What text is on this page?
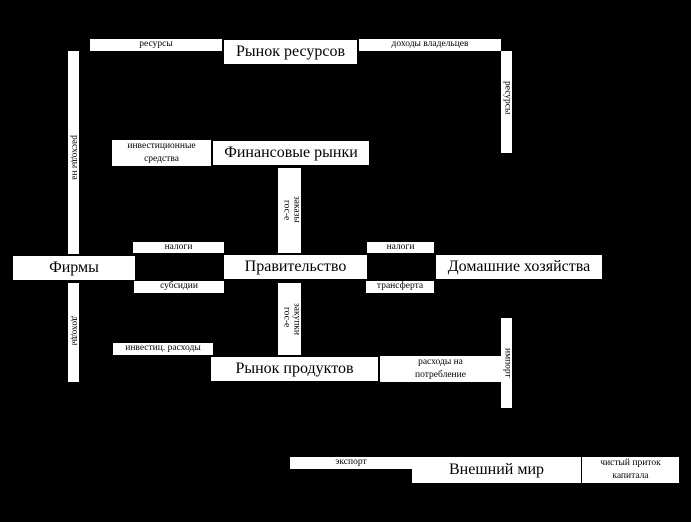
Рынок ресурсов
Финансовые рынки
Фирмы	Правительство	Домашние хозяйства
Рынок продуктов
Внешний мир
ресурсы	доходы владельцев
налоги
субсидии
налоги
трансферта
инвестиц. расходы
экспорт
инвестиционные
средства
расходы на
потребление
чистый приток
капитала
расходы на
ресурсы
доходы
импорт
гос-е заказы
гос-е закупки
